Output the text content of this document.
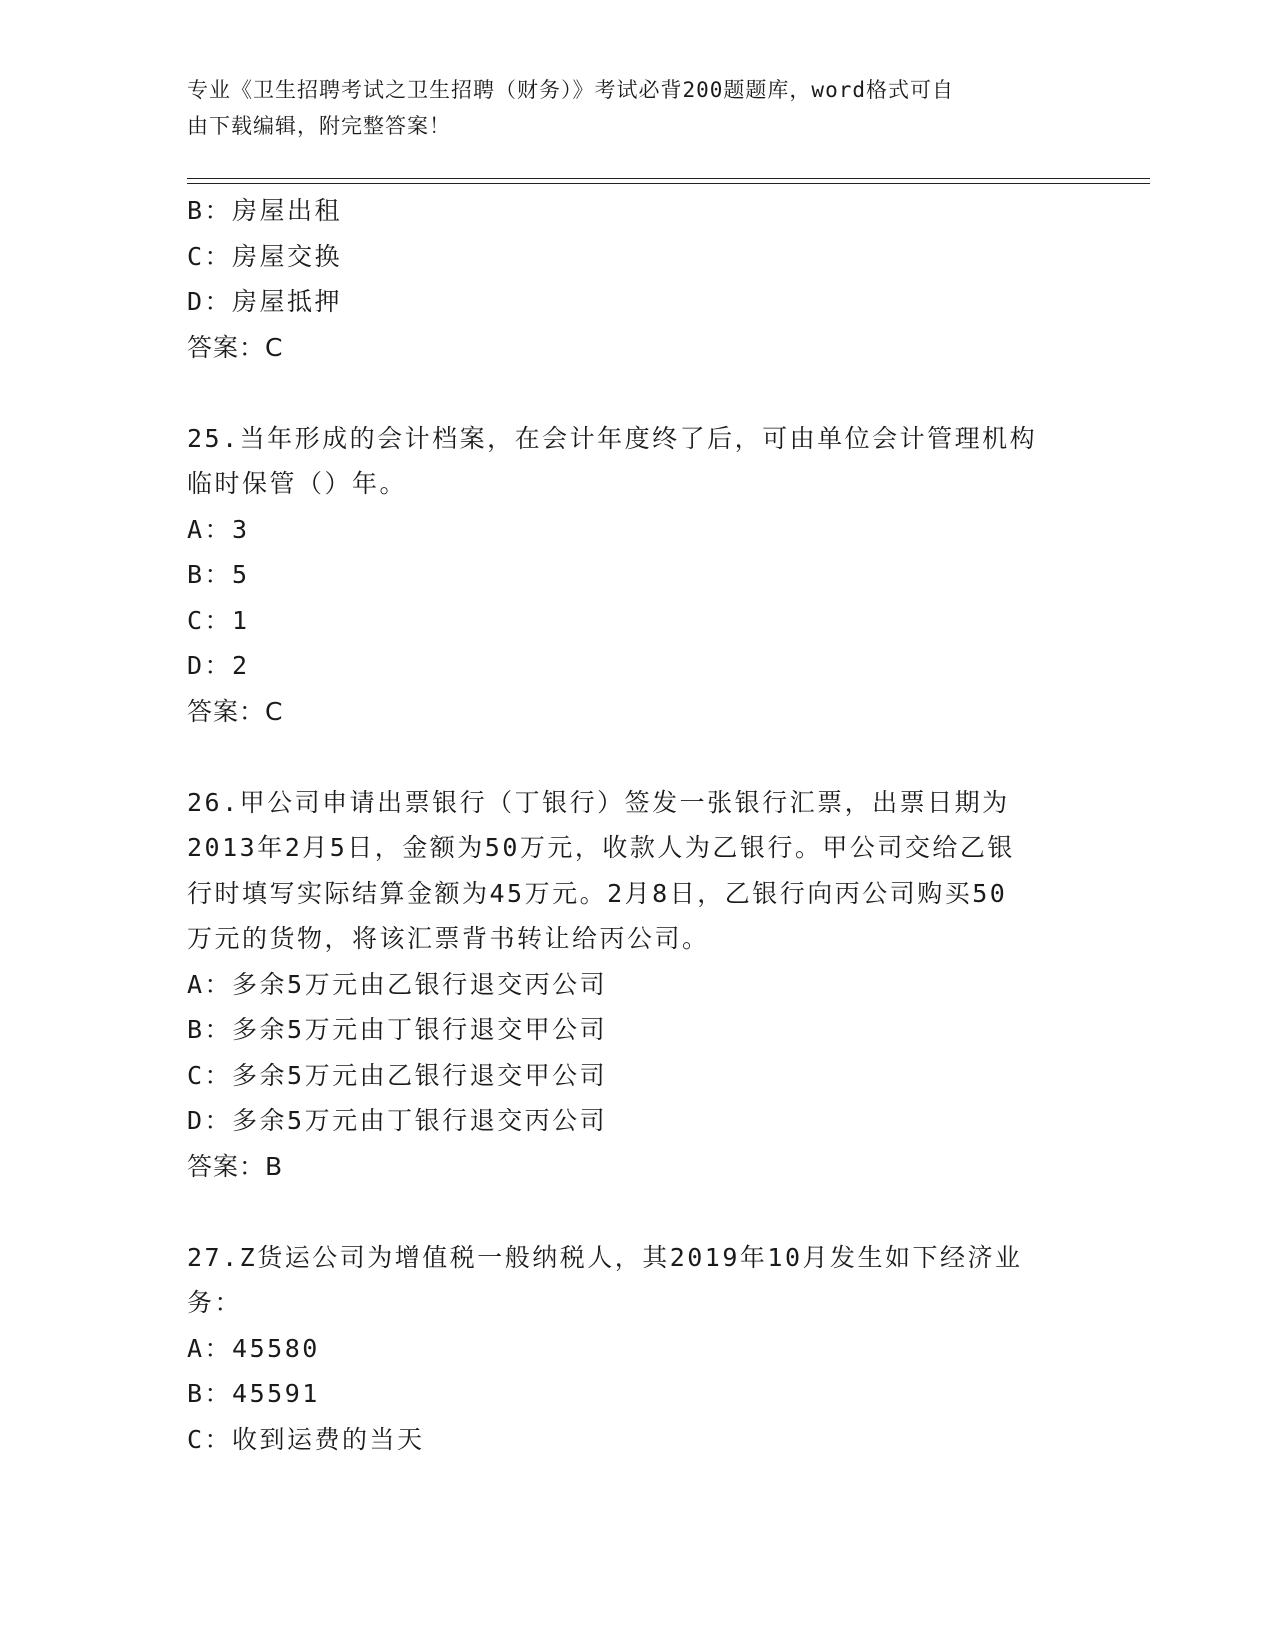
专业《卫生招聘考试之卫生招聘（财务）》考试必背200题题库，word格式可自
由下载编辑，附完整答案！
B：房屋出租
C：房屋交换
D：房屋抵押
答案：C
25.当年形成的会计档案，在会计年度终了后，可由单位会计管理机构
临时保管（）年。
A：3
B：5
C：1
D：2
答案：C
26.甲公司申请出票银行（丁银行）签发一张银行汇票，出票日期为
2013年2月5日，金额为50万元，收款人为乙银行。甲公司交给乙银
行时填写实际结算金额为45万元。2月8日，乙银行向丙公司购买50
万元的货物，将该汇票背书转让给丙公司。
A：多余5万元由乙银行退交丙公司
B：多余5万元由丁银行退交甲公司
C：多余5万元由乙银行退交甲公司
D：多余5万元由丁银行退交丙公司
答案：B
27.Z货运公司为增值税一般纳税人，其2019年10月发生如下经济业
务：
A：45580
B：45591
C：收到运费的当天
